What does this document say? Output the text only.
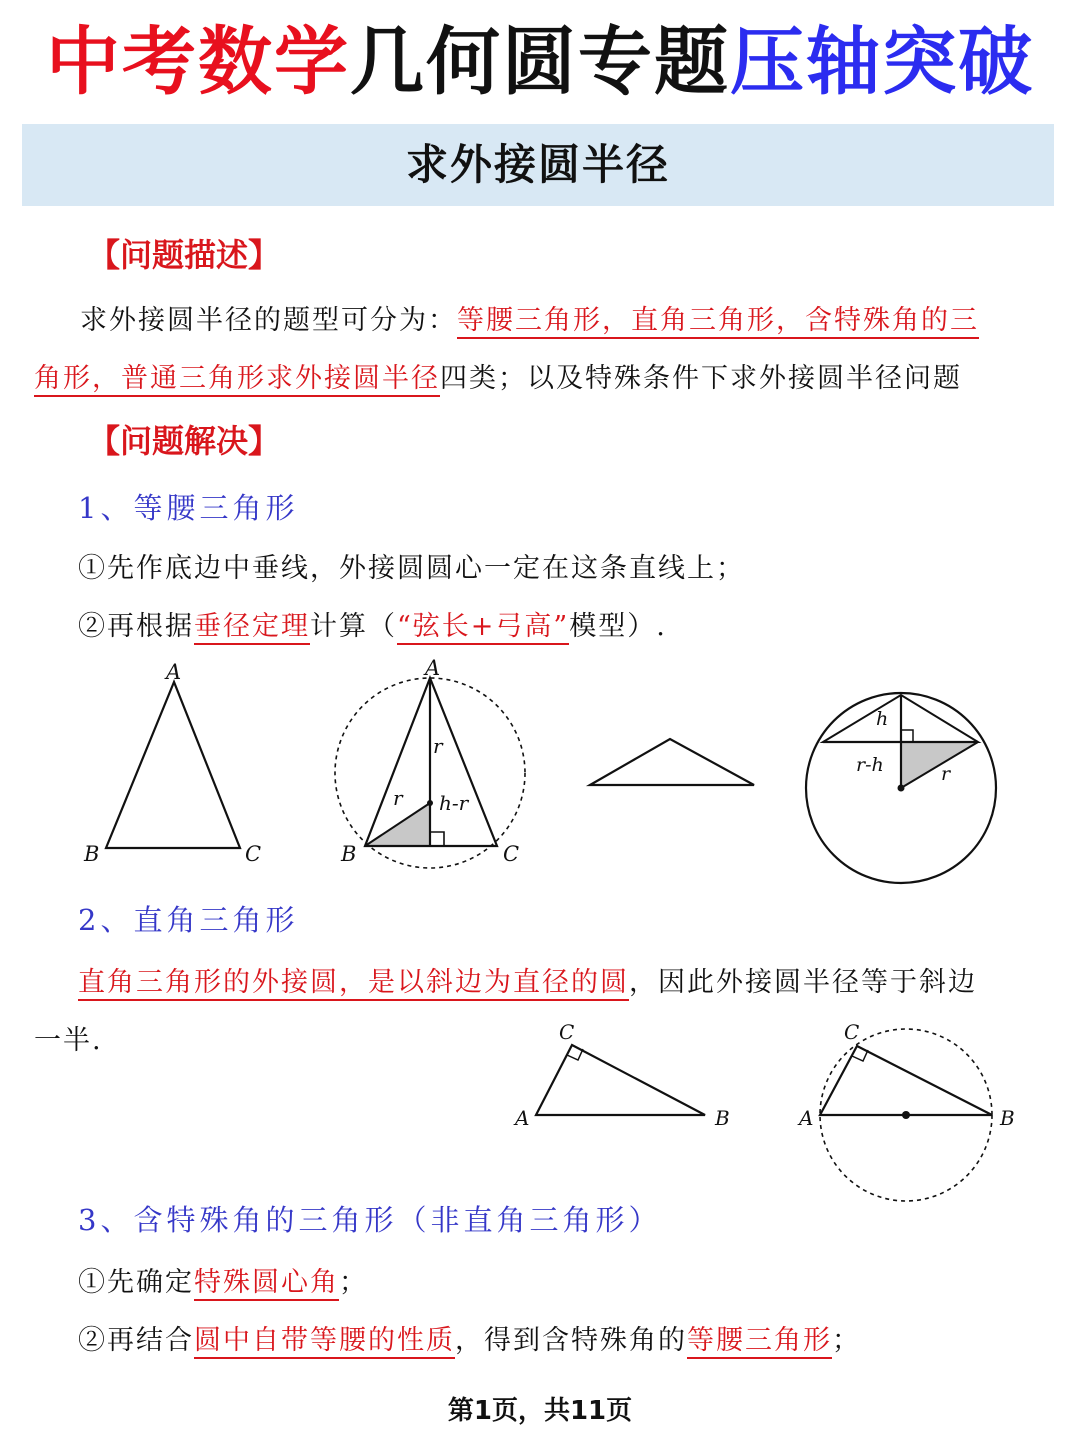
中考数学几何圆专题压轴突破
求外接圆半径
【问题描述】
求外接圆半径的题型可分为：等腰三角形，直角三角形，含特殊角的三
角形，普通三角形求外接圆半径四类；以及特殊条件下求外接圆半径问题
【问题解决】
1、等腰三角形
①先作底边中垂线，外接圆圆心一定在这条直线上；
②再根据垂径定理计算（“弦长+弓高”模型）.
A
B	C
A
B	C
r
r h-r
h
r-h	r
2、直角三角形
直角三角形的外接圆，是以斜边为直径的圆，因此外接圆半径等于斜边
一半.	C
A	B
C
A	B
3、含特殊角的三角形（非直角三角形）
①先确定特殊圆心角；
②再结合圆中自带等腰的性质，得到含特殊角的等腰三角形；
第1页，共11页
